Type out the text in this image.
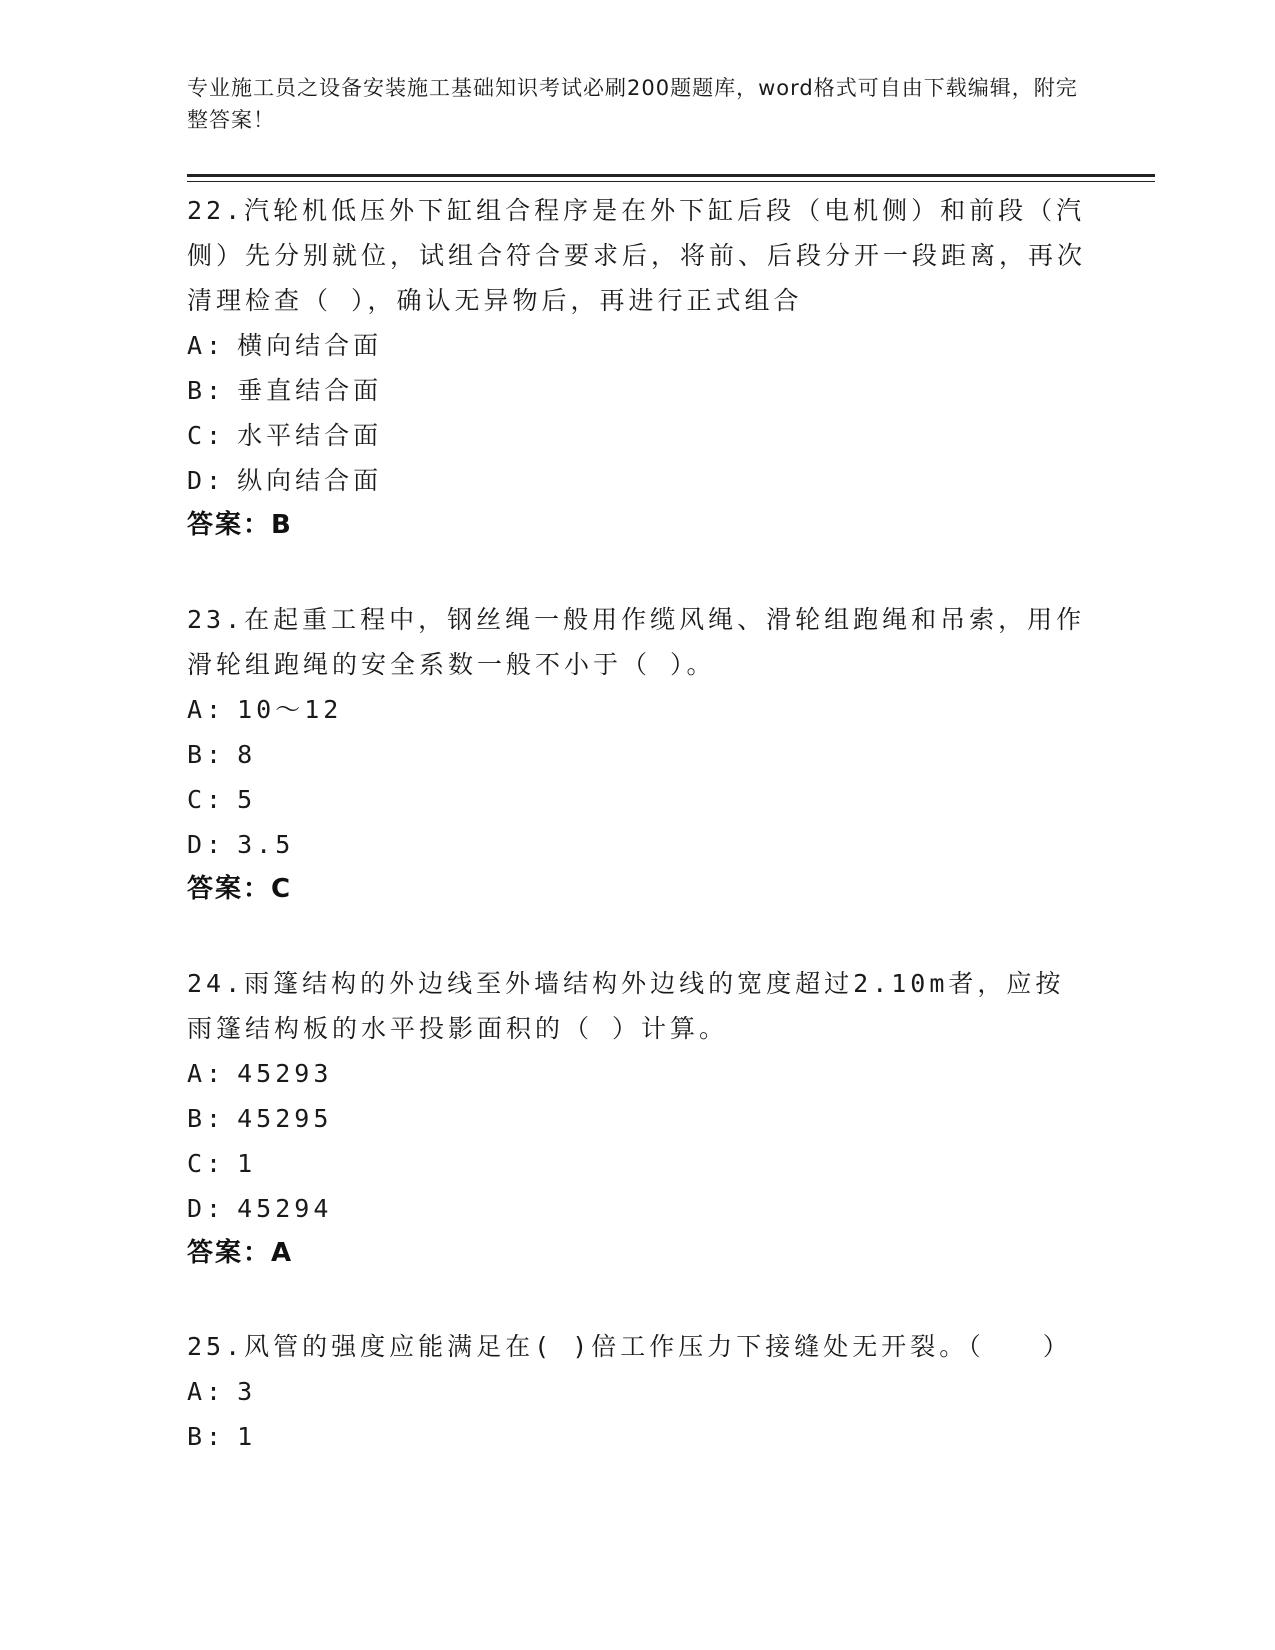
专业施工员之设备安装施工基础知识考试必刷200题题库，word格式可自由下载编辑，附完整答案！

22.汽轮机低压外下缸组合程序是在外下缸后段（电机侧）和前段（汽侧）先分别就位，试组合符合要求后，将前、后段分开一段距离，再次清理检查（ ），确认无异物后，再进行正式组合

A: 横向结合面
B: 垂直结合面
C: 水平结合面
D: 纵向结合面
答案：B

23.在起重工程中，钢丝绳一般用作缆风绳、滑轮组跑绳和吊索，用作滑轮组跑绳的安全系数一般不小于（ ）。

A: 10～12
B: 8
C: 5
D: 3.5
答案：C

24.雨篷结构的外边线至外墙结构外边线的宽度超过2.10m者，应按雨篷结构板的水平投影面积的（ ）计算。

A: 45293
B: 45295
C: 1
D: 45294
答案：A

25.风管的强度应能满足在( )倍工作压力下接缝处无开裂。（　　）

A: 3
B: 1
